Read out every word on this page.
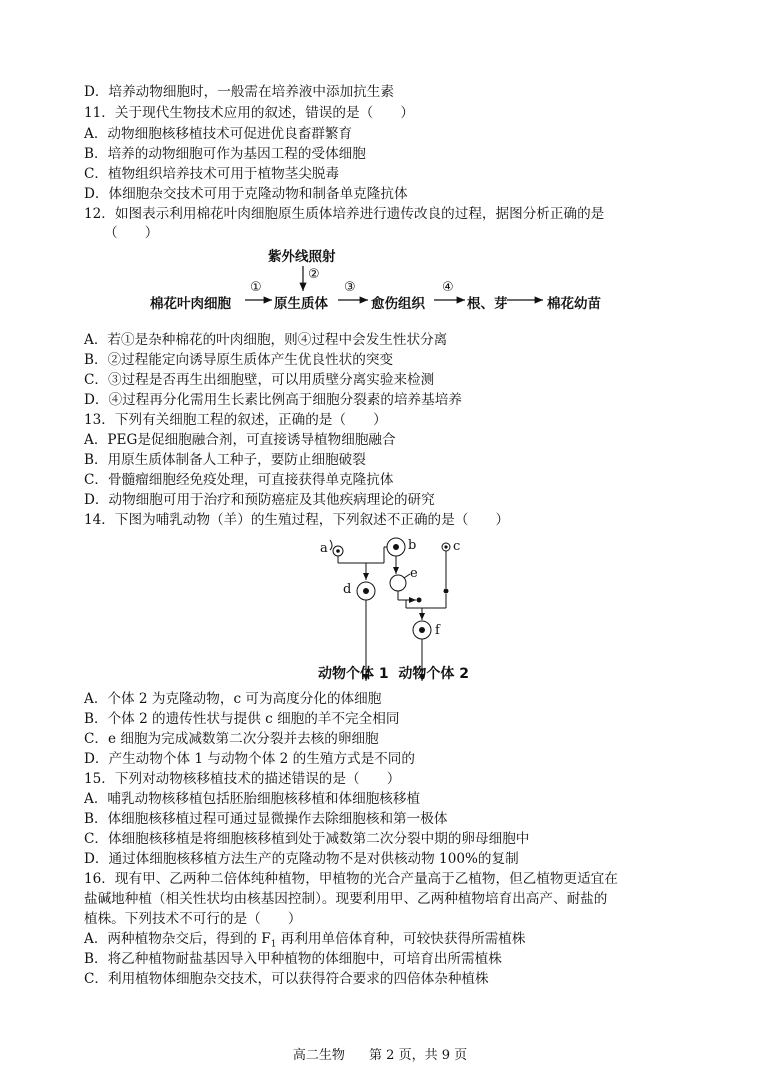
D．培养动物细胞时，一般需在培养液中添加抗生素
11．关于现代生物技术应用的叙述，错误的是（　　）
A．动物细胞核移植技术可促进优良畜群繁育
B．培养的动物细胞可作为基因工程的受体细胞
C．植物组织培养技术可用于植物茎尖脱毒
D．体细胞杂交技术可用于克隆动物和制备单克隆抗体
12．如图表示利用棉花叶肉细胞原生质体培养进行遗传改良的过程，据图分析正确的是
（　　）
紫外线照射
②
①	③	④
棉花叶肉细胞	原生质体	愈伤组织	根、芽	棉花幼苗
A．若①是杂种棉花的叶肉细胞，则④过程中会发生性状分离
B．②过程能定向诱导原生质体产生优良性状的突变
C．③过程是否再生出细胞壁，可以用质壁分离实验来检测
D．④过程再分化需用生长素比例高于细胞分裂素的培养基培养
13．下列有关细胞工程的叙述，正确的是（　　）
A．PEG是促细胞融合剂，可直接诱导植物细胞融合
B．用原生质体制备人工种子，要防止细胞破裂
C．骨髓瘤细胞经免疫处理，可直接获得单克隆抗体
D．动物细胞可用于治疗和预防癌症及其他疾病理论的研究
14．下图为哺乳动物（羊）的生殖过程，下列叙述不正确的是（　　）
a	b	c
d
e
f
动物个体 1 动物个体 2
A．个体 2 为克隆动物，c 可为高度分化的体细胞
B．个体 2 的遗传性状与提供 c 细胞的羊不完全相同
C．e 细胞为完成减数第二次分裂并去核的卵细胞
D．产生动物个体 1 与动物个体 2 的生殖方式是不同的
15．下列对动物核移植技术的描述错误的是（　　）
A．哺乳动物核移植包括胚胎细胞核移植和体细胞核移植
B．体细胞核移植过程可通过显微操作去除细胞核和第一极体
C．体细胞核移植是将细胞核移植到处于减数第二次分裂中期的卵母细胞中
D．通过体细胞核移植方法生产的克隆动物不是对供核动物 100%的复制
16．现有甲、乙两种二倍体纯种植物，甲植物的光合产量高于乙植物，但乙植物更适宜在
盐碱地种植（相关性状均由核基因控制）。现要利用甲、乙两种植物培育出高产、耐盐的
植株。下列技术不可行的是（　　）
A．两种植物杂交后，得到的 $F_1$ 再利用单倍体育种，可较快获得所需植株
B．将乙种植物耐盐基因导入甲种植物的体细胞中，可培育出所需植株
C．利用植物体细胞杂交技术，可以获得符合要求的四倍体杂种植株
高二生物 第 2 页，共 9 页
